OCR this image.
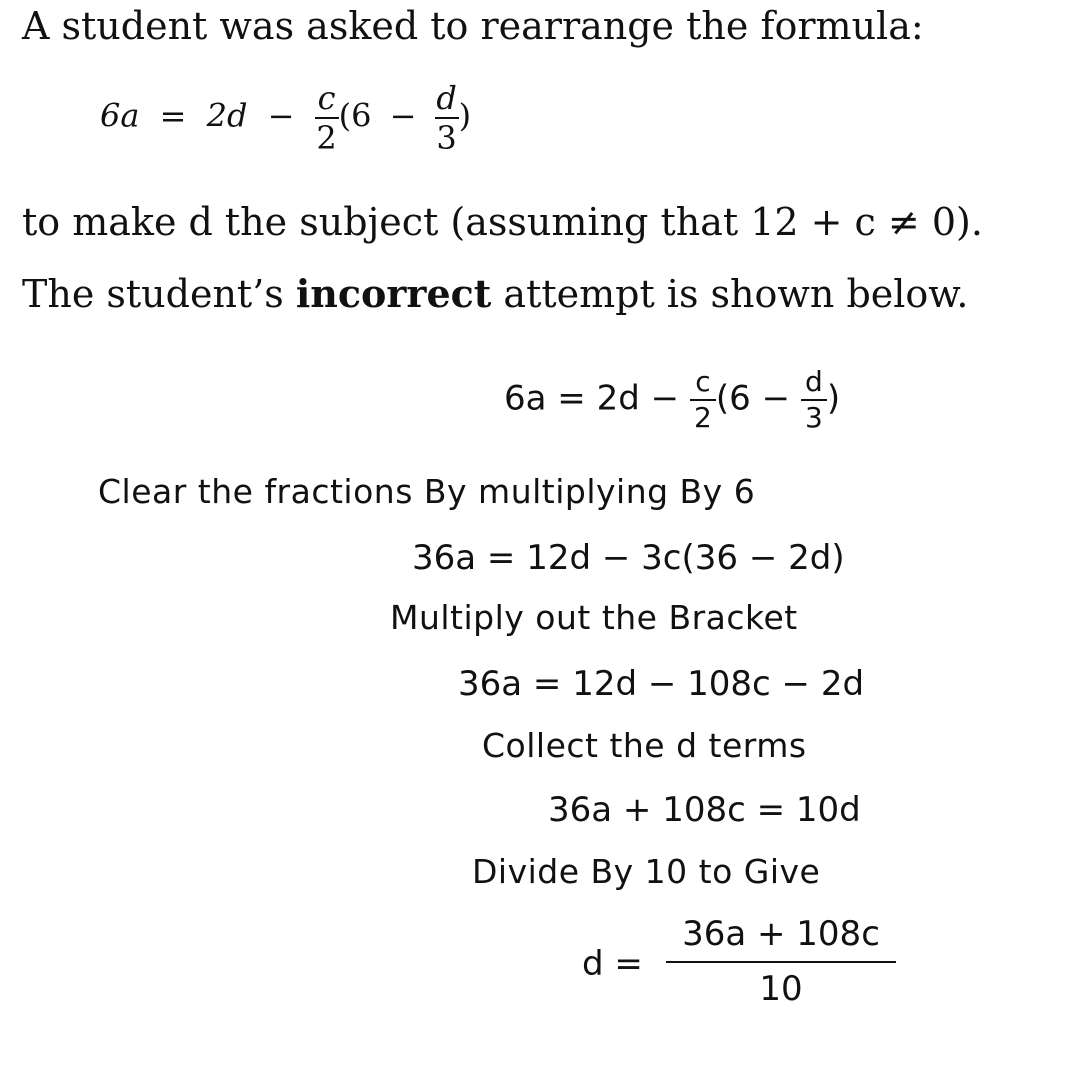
A student was asked to rearrange the formula:
$6a = 2d - \frac{c}{2} (6 - \frac{d}{3}$ )
to make d the subject (assuming that 12 + c ≠ 0).
The student’s incorrect attempt is shown below.
$6a = 2d - \frac{c}{2} (6 - \frac{d}{3}$ )
Clear the fractions By multiplying By 6
36a = 12d − 3c(36 − 2d)
Multiply out the Bracket
36a = 12d − 108c − 2d
Collect the d terms
36a + 108c = 10d
Divide By 10 to Give
d =
36a + 108c
10
